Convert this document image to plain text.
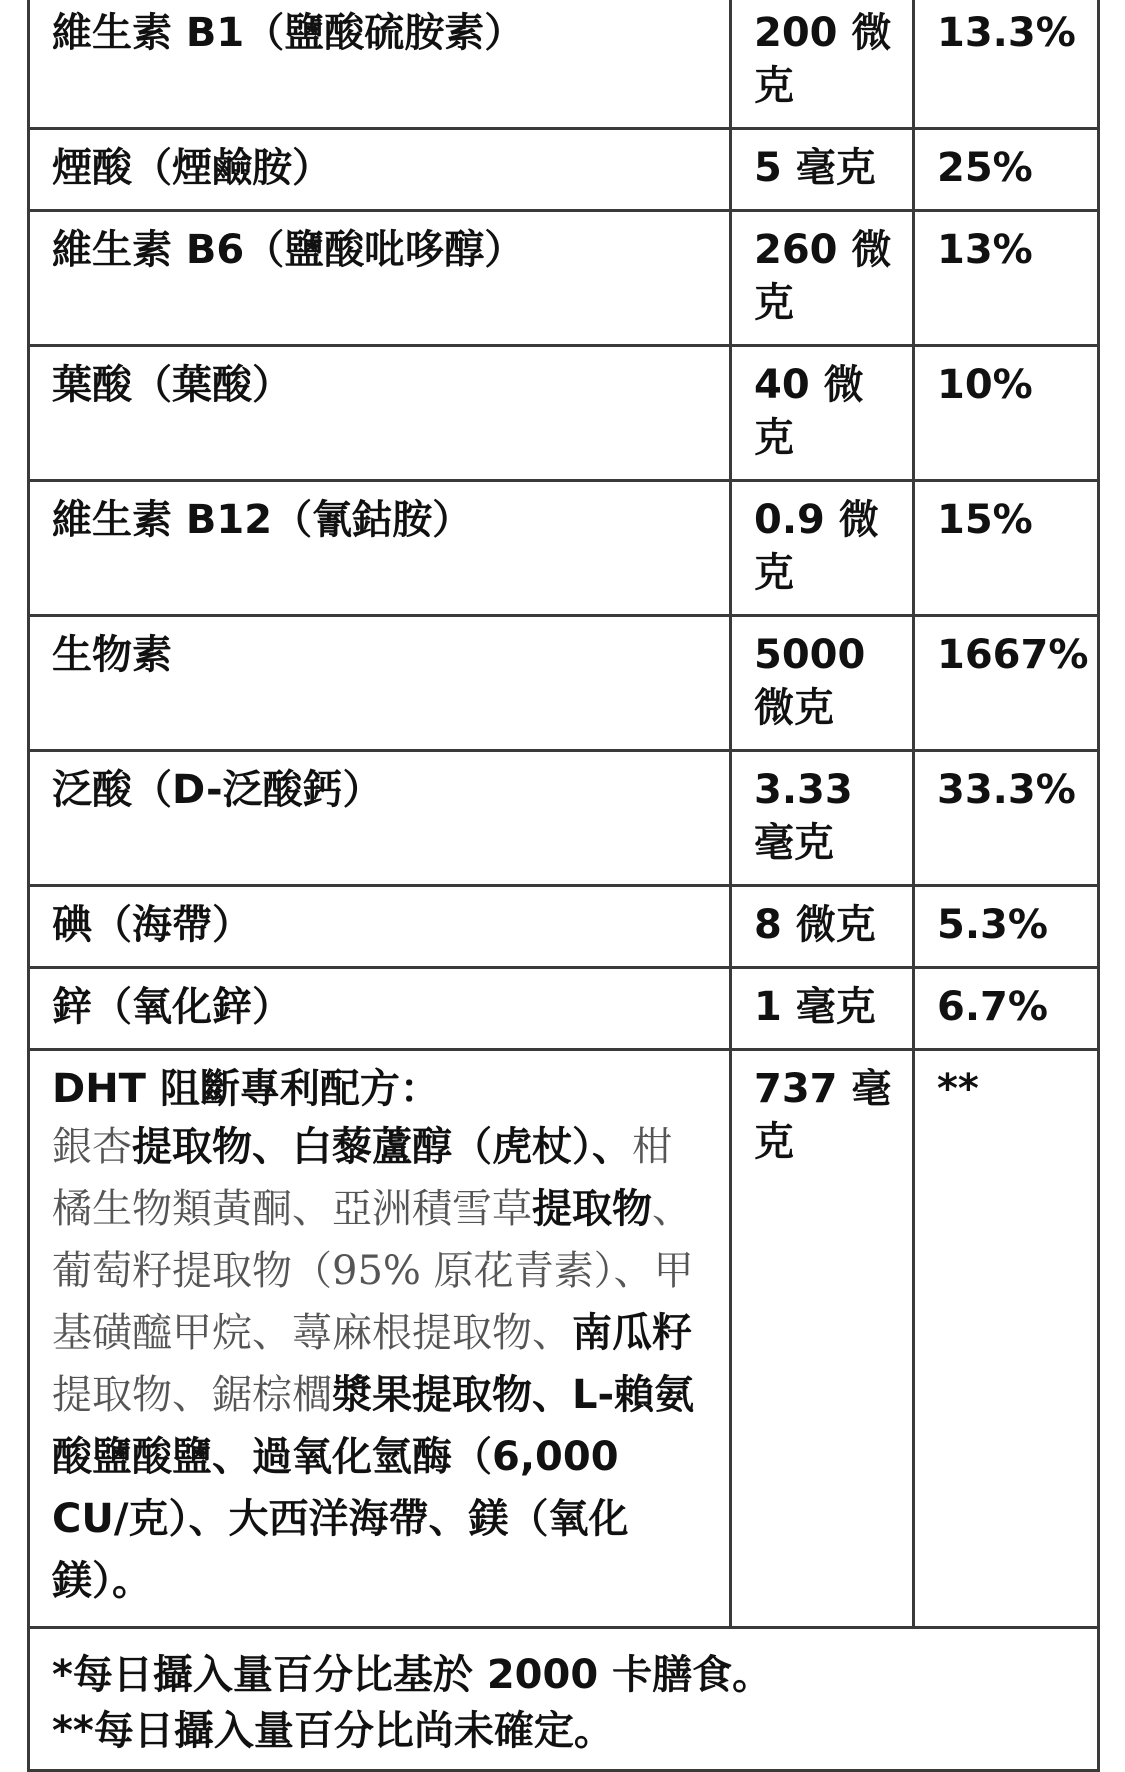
維生素 B1（鹽酸硫胺素）	200 微克	13.3%
煙酸（煙鹼胺）	5 毫克	25%
維生素 B6（鹽酸吡哆醇）	260 微克	13%
葉酸（葉酸）	40 微克	10%
維生素 B12（氰鈷胺）	0.9 微克	15%
生物素	5000 微克	1667%
泛酸（D-泛酸鈣）	3.33 毫克	33.3%
碘（海帶）	8 微克	5.3%
鋅（氧化鋅）	1 毫克	6.7%

DHT 阻斷專利配方：
銀杏提取物、白藜蘆醇（虎杖）、柑橘生物類黃酮、亞洲積雪草提取物、葡萄籽提取物（95% 原花青素）、甲基磺醯甲烷、蕁麻根提取物、南瓜籽提取物、鋸棕櫚漿果提取物、L-賴氨酸鹽酸鹽、過氧化氫酶（6,000 CU/克）、大西洋海帶、鎂（氧化鎂）。	737 毫克	**

*每日攝入量百分比基於 2000 卡膳食。
**每日攝入量百分比尚未確定。		
